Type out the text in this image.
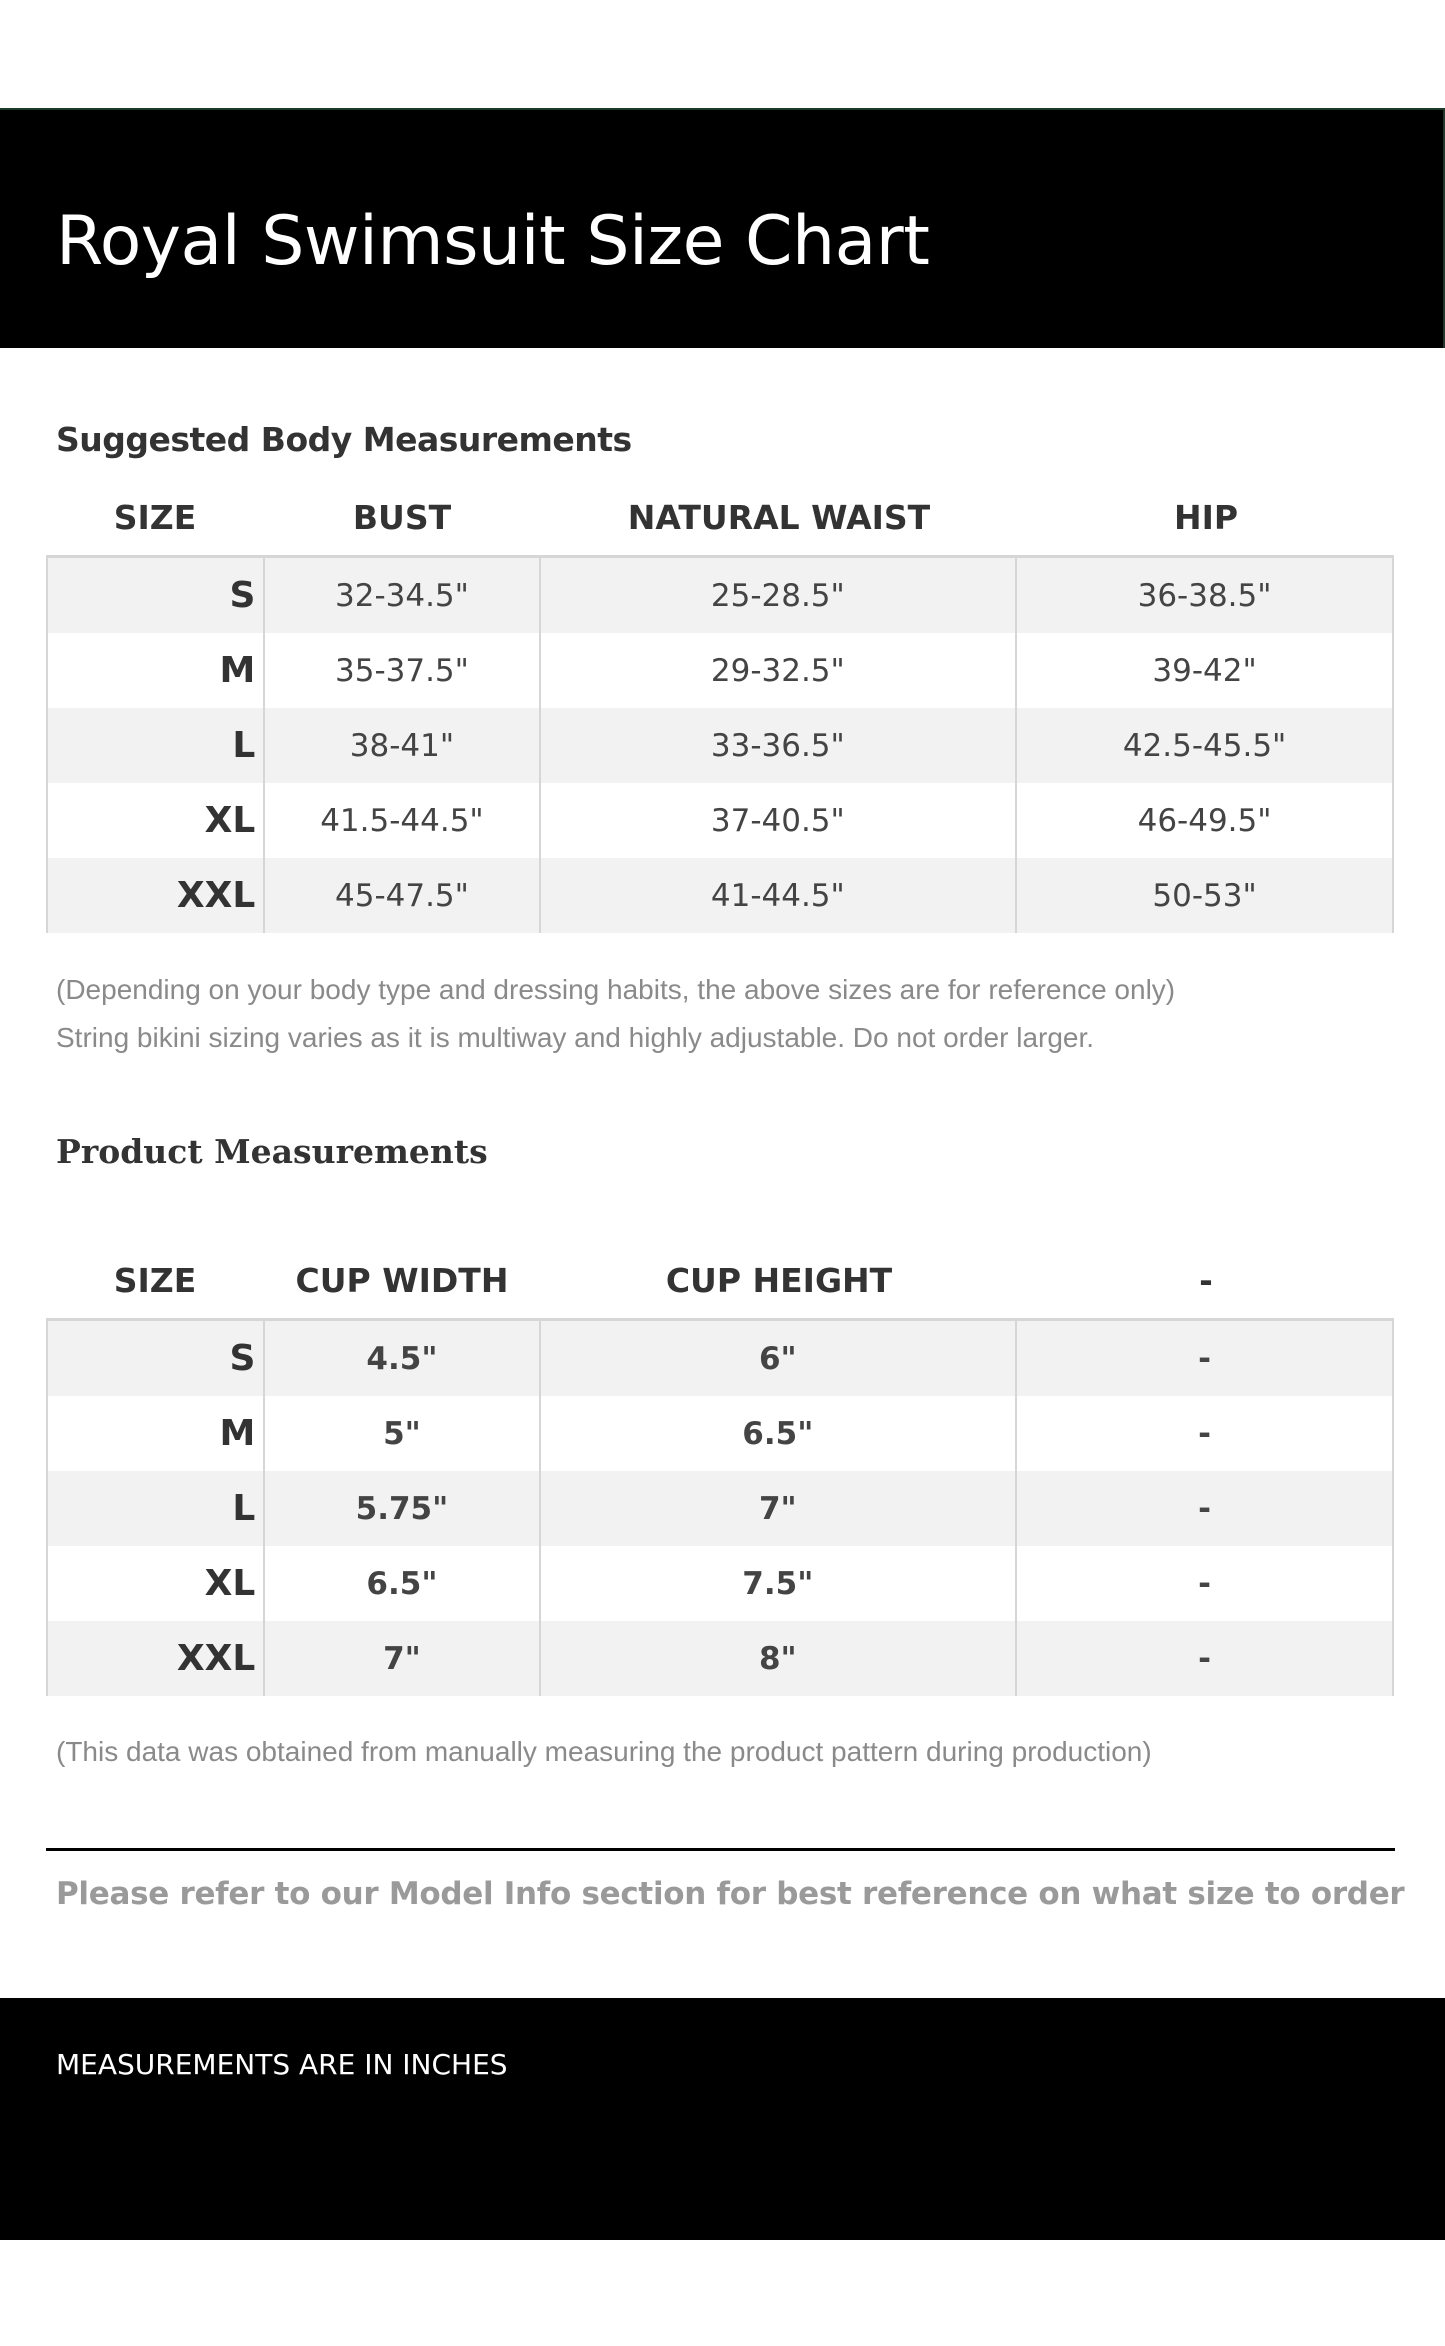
Royal Swimsuit Size Chart
Suggested Body Measurements
SIZE	BUST	NATURAL WAIST	HIP
S	32-34.5"	25-28.5"	36-38.5"
M	35-37.5"	29-32.5"	39-42"
L	38-41"	33-36.5"	42.5-45.5"
XL	41.5-44.5"	37-40.5"	46-49.5"
XXL	45-47.5"	41-44.5"	50-53"

(Depending on your body type and dressing habits, the above sizes are for reference only)

String bikini sizing varies as it is multiway and highly adjustable. Do not order larger.

Product Measurements
SIZE	CUP WIDTH	CUP HEIGHT	-
S	4.5"	6"	-
M	5"	6.5"	-
L	5.75"	7"	-
XL	6.5"	7.5"	-
XXL	7"	8"	-

(This data was obtained from manually measuring the product pattern during production)

Please refer to our Model Info section for best reference on what size to order

MEASUREMENTS ARE IN INCHES
